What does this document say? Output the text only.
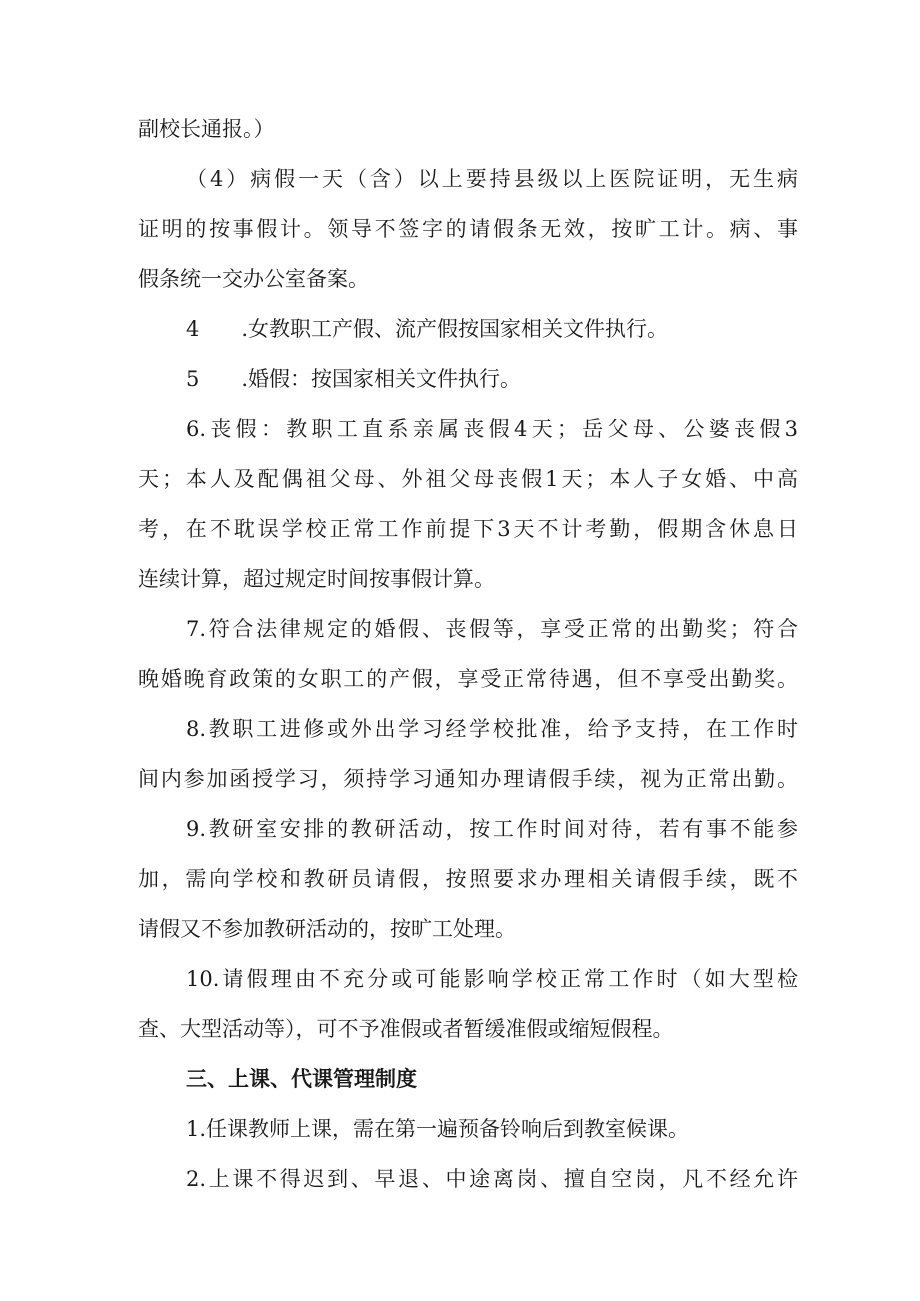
副校长通报。）
（4）病假一天（含）以上要持县级以上医院证明，无生病
证明的按事假计。领导不签字的请假条无效，按旷工计。病、事
假条统一交办公室备案。
4　　.女教职工产假、流产假按国家相关文件执行。
5　　.婚假：按国家相关文件执行。
6.丧假：教职工直系亲属丧假4天；岳父母、公婆丧假3
天；本人及配偶祖父母、外祖父母丧假1天；本人子女婚、中高
考，在不耽误学校正常工作前提下3天不计考勤，假期含休息日
连续计算，超过规定时间按事假计算。
7.符合法律规定的婚假、丧假等，享受正常的出勤奖；符合
晚婚晚育政策的女职工的产假，享受正常待遇，但不享受出勤奖。
8.教职工进修或外出学习经学校批准，给予支持，在工作时
间内参加函授学习，须持学习通知办理请假手续，视为正常出勤。
9.教研室安排的教研活动，按工作时间对待，若有事不能参
加，需向学校和教研员请假，按照要求办理相关请假手续，既不
请假又不参加教研活动的，按旷工处理。
10.请假理由不充分或可能影响学校正常工作时（如大型检
查、大型活动等），可不予准假或者暂缓准假或缩短假程。
三、上课、代课管理制度
1.任课教师上课，需在第一遍预备铃响后到教室候课。
2.上课不得迟到、早退、中途离岗、擅自空岗，凡不经允许
